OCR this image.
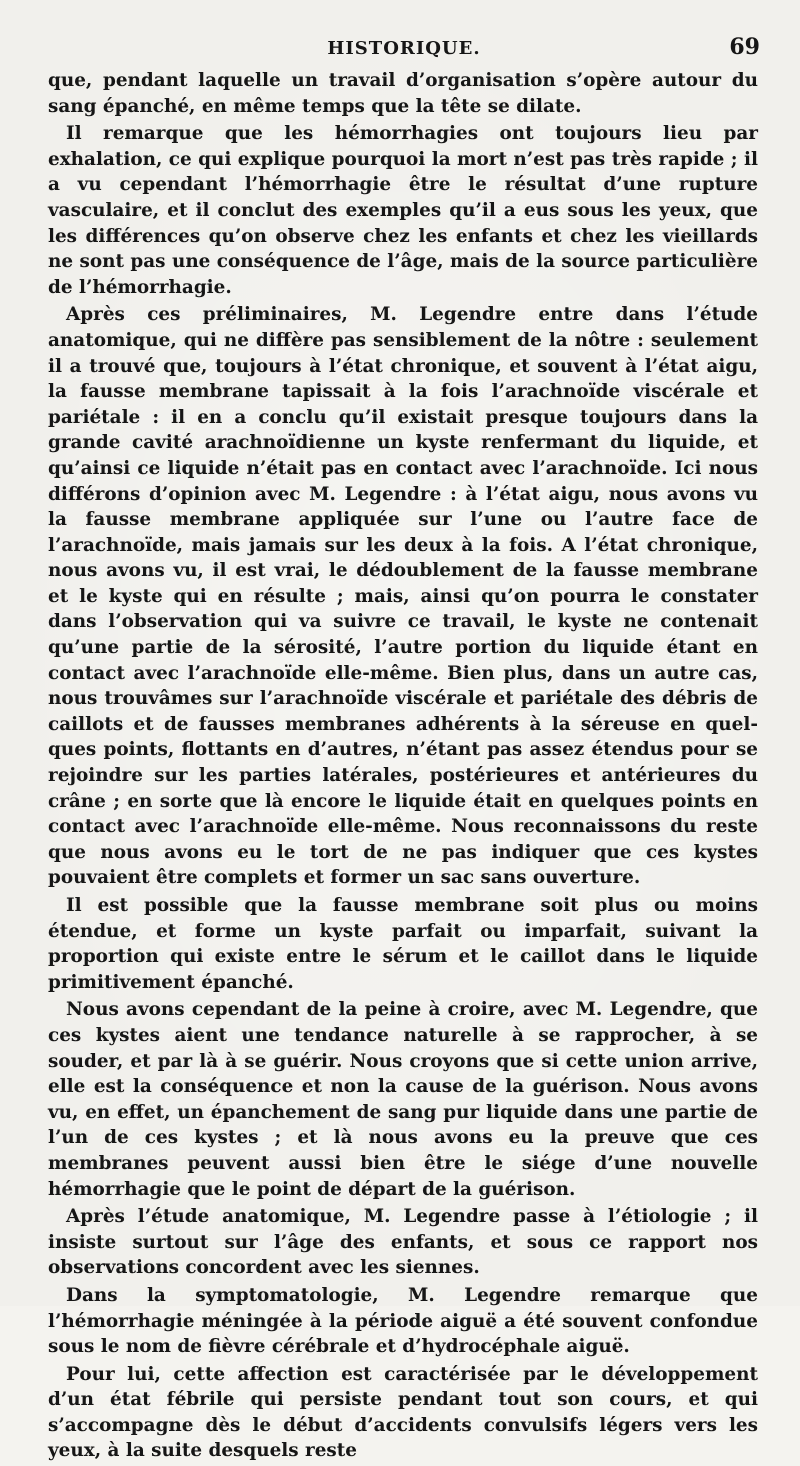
HISTORIQUE.	69

que, pendant laquelle un travail d’organisation s’opère autour du sang épanché, en même temps que la tête se dilate.

Il remarque que les hémorrhagies ont toujours lieu par exhalation, ce qui explique pourquoi la mort n’est pas très rapide ; il a vu cependant l’hémorrhagie être le résultat d’une rupture vasculaire, et il conclut des exemples qu’il a eus sous les yeux, que les différences qu’on observe chez les enfants et chez les vieillards ne sont pas une conséquence de l’âge, mais de la source particulière de l’hémorrhagie.

Après ces préliminaires, M. Legendre entre dans l’étude anatomique, qui ne diffère pas sensiblement de la nôtre : seulement il a trouvé que, toujours à l’état chronique, et souvent à l’état aigu, la fausse membrane tapissait à la fois l’arachnoïde viscérale et pariétale : il en a conclu qu’il existait presque toujours dans la grande cavité arachnoïdienne un kyste renfermant du liquide, et qu’ainsi ce liquide n’était pas en contact avec l’arachnoïde. Ici nous différons d’opinion avec M. Legendre : à l’état aigu, nous avons vu la fausse membrane appliquée sur l’une ou l’autre face de l’arachnoïde, mais jamais sur les deux à la fois. A l’état chronique, nous avons vu, il est vrai, le dédoublement de la fausse membrane et le kyste qui en résulte ; mais, ainsi qu’on pourra le constater dans l’observation qui va suivre ce travail, le kyste ne contenait qu’une partie de la sérosité, l’autre portion du liquide étant en contact avec l’arachnoïde elle-même. Bien plus, dans un autre cas, nous trouvâmes sur l’arachnoïde viscérale et pariétale des débris de caillots et de fausses membranes adhérents à la séreuse en quelques points, flottants en d’autres, n’étant pas assez étendus pour se rejoindre sur les parties latérales, postérieures et antérieures du crâne ; en sorte que là encore le liquide était en quelques points en contact avec l’arachnoïde elle-même. Nous reconnaissons du reste que nous avons eu le tort de ne pas indiquer que ces kystes pouvaient être complets et former un sac sans ouverture.

Il est possible que la fausse membrane soit plus ou moins étendue, et forme un kyste parfait ou imparfait, suivant la proportion qui existe entre le sérum et le caillot dans le liquide primitivement épanché.

Nous avons cependant de la peine à croire, avec M. Legendre, que ces kystes aient une tendance naturelle à se rapprocher, à se souder, et par là à se guérir. Nous croyons que si cette union arrive, elle est la conséquence et non la cause de la guérison. Nous avons vu, en effet, un épanchement de sang pur liquide dans une partie de l’un de ces kystes ; et là nous avons eu la preuve que ces membranes peuvent aussi bien être le siége d’une nouvelle hémorrhagie que le point de départ de la guérison.

Après l’étude anatomique, M. Legendre passe à l’étiologie ; il insiste surtout sur l’âge des enfants, et sous ce rapport nos observations concordent avec les siennes.

Dans la symptomatologie, M. Legendre remarque que l’hémorrhagie méningée à la période aiguë a été souvent confondue sous le nom de fièvre cérébrale et d’hydrocéphale aiguë.

Pour lui, cette affection est caractérisée par le développement d’un état fébrile qui persiste pendant tout son cours, et qui s’accompagne dès le début d’accidents convulsifs légers vers les yeux, à la suite desquels reste
